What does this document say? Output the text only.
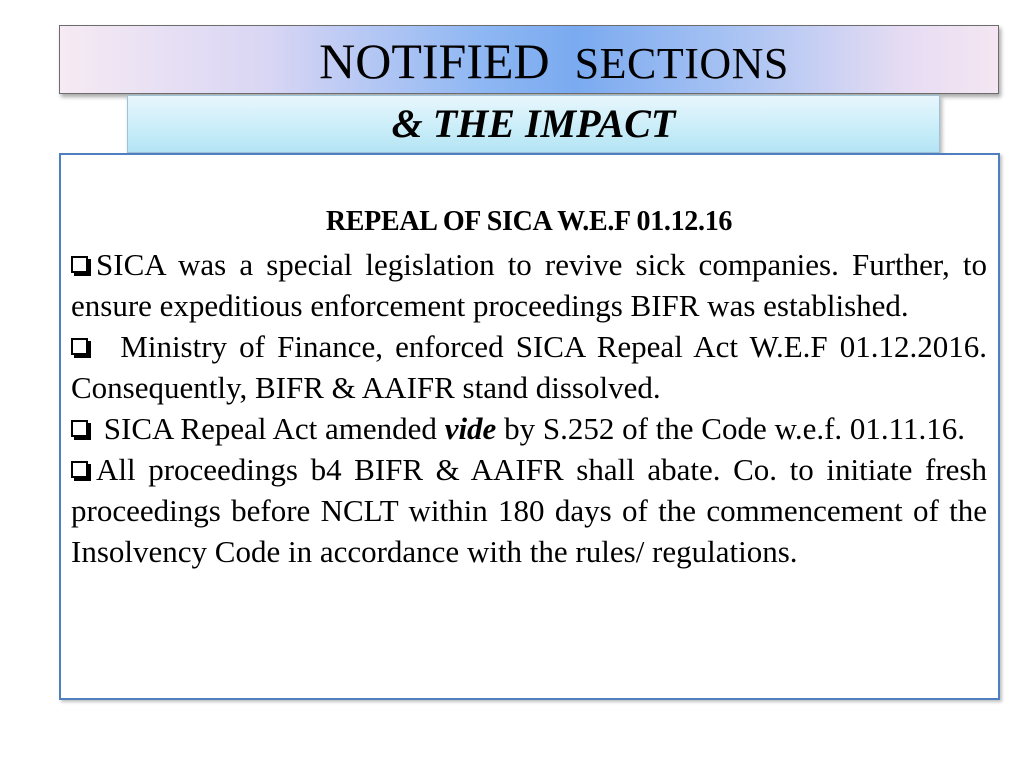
NOTIFIED SECTIONS
& THE IMPACT
REPEAL OF SICA W.E.F 01.12.16

SICA was a special legislation to revive sick companies. Further, to ensure expeditious enforcement proceedings BIFR was established.

Ministry of Finance, enforced SICA Repeal Act W.E.F 01.12.2016. Consequently, BIFR & AAIFR stand dissolved.

SICA Repeal Act amended vide by S.252 of the Code w.e.f. 01.11.16.

All proceedings b4 BIFR & AAIFR shall abate. Co. to initiate fresh proceedings before NCLT within 180 days of the commencement of the Insolvency Code in accordance with the rules/ regulations.
